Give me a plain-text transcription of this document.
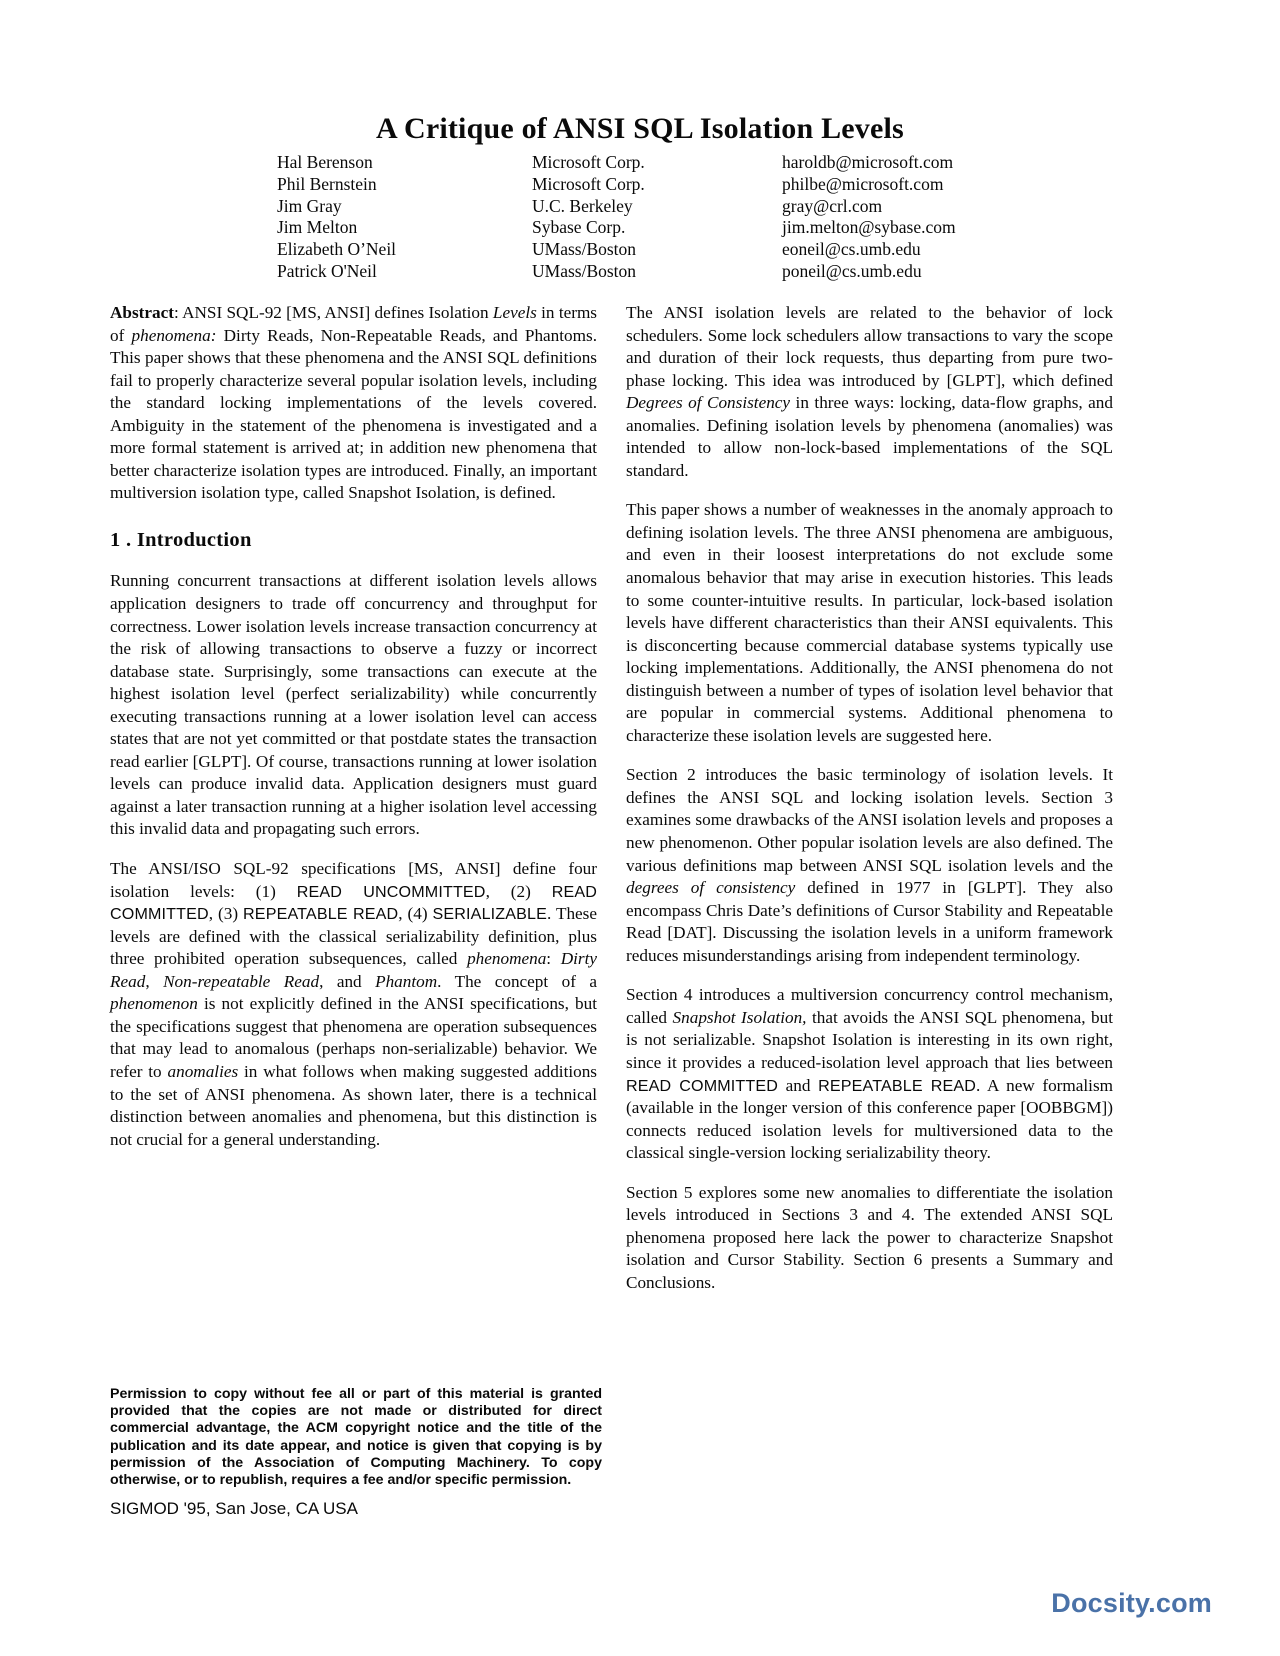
A Critique of ANSI SQL Isolation Levels
Hal Berenson	Microsoft Corp.	haroldb@microsoft.com
Phil Bernstein	Microsoft Corp.	philbe@microsoft.com
Jim Gray	U.C. Berkeley	gray@crl.com
Jim Melton	Sybase Corp.	jim.melton@sybase.com
Elizabeth O’Neil	UMass/Boston	eoneil@cs.umb.edu
Patrick O'Neil	UMass/Boston	poneil@cs.umb.edu

Abstract: ANSI SQL-92 [MS, ANSI] defines Isolation Levels in terms of phenomena: Dirty Reads, Non-Repeatable Reads, and Phantoms. This paper shows that these phenomena and the ANSI SQL definitions fail to properly characterize several popular isolation levels, including the standard locking implementations of the levels covered. Ambiguity in the statement of the phenomena is investigated and a more formal statement is arrived at; in addition new phenomena that better characterize isolation types are introduced. Finally, an important multiversion isolation type, called Snapshot Isolation, is defined.

1 . Introduction

Running concurrent transactions at different isolation levels allows application designers to trade off concurrency and throughput for correctness. Lower isolation levels increase transaction concurrency at the risk of allowing transactions to observe a fuzzy or incorrect database state. Surprisingly, some transactions can execute at the highest isolation level (perfect serializability) while concurrently executing transactions running at a lower isolation level can access states that are not yet committed or that postdate states the transaction read earlier [GLPT]. Of course, transactions running at lower isolation levels can produce invalid data. Application designers must guard against a later transaction running at a higher isolation level accessing this invalid data and propagating such errors.

The ANSI/ISO SQL-92 specifications [MS, ANSI] define four isolation levels: (1) READ UNCOMMITTED, (2) READ COMMITTED, (3) REPEATABLE READ, (4) SERIALIZABLE. These levels are defined with the classical serializability definition, plus three prohibited operation subsequences, called phenomena: Dirty Read, Non-repeatable Read, and Phantom. The concept of a phenomenon is not explicitly defined in the ANSI specifications, but the specifications suggest that phenomena are operation subsequences that may lead to anomalous (perhaps non-serializable) behavior. We refer to anomalies in what follows when making suggested additions to the set of ANSI phenomena. As shown later, there is a technical distinction between anomalies and phenomena, but this distinction is not crucial for a general understanding.

The ANSI isolation levels are related to the behavior of lock schedulers. Some lock schedulers allow transactions to vary the scope and duration of their lock requests, thus departing from pure two-phase locking. This idea was introduced by [GLPT], which defined Degrees of Consistency in three ways: locking, data-flow graphs, and anomalies. Defining isolation levels by phenomena (anomalies) was intended to allow non-lock-based implementations of the SQL standard.

This paper shows a number of weaknesses in the anomaly approach to defining isolation levels. The three ANSI phenomena are ambiguous, and even in their loosest interpretations do not exclude some anomalous behavior that may arise in execution histories. This leads to some counter-intuitive results. In particular, lock-based isolation levels have different characteristics than their ANSI equivalents. This is disconcerting because commercial database systems typically use locking implementations. Additionally, the ANSI phenomena do not distinguish between a number of types of isolation level behavior that are popular in commercial systems. Additional phenomena to characterize these isolation levels are suggested here.

Section 2 introduces the basic terminology of isolation levels. It defines the ANSI SQL and locking isolation levels. Section 3 examines some drawbacks of the ANSI isolation levels and proposes a new phenomenon. Other popular isolation levels are also defined. The various definitions map between ANSI SQL isolation levels and the degrees of consistency defined in 1977 in [GLPT]. They also encompass Chris Date’s definitions of Cursor Stability and Repeatable Read [DAT]. Discussing the isolation levels in a uniform framework reduces misunderstandings arising from independent terminology.

Section 4 introduces a multiversion concurrency control mechanism, called Snapshot Isolation, that avoids the ANSI SQL phenomena, but is not serializable. Snapshot Isolation is interesting in its own right, since it provides a reduced-isolation level approach that lies between READ COMMITTED and REPEATABLE READ. A new formalism (available in the longer version of this conference paper [OOBBGM]) connects reduced isolation levels for multiversioned data to the classical single-version locking serializability theory.

Section 5 explores some new anomalies to differentiate the isolation levels introduced in Sections 3 and 4. The extended ANSI SQL phenomena proposed here lack the power to characterize Snapshot isolation and Cursor Stability. Section 6 presents a Summary and Conclusions.

Permission to copy without fee all or part of this material is granted provided that the copies are not made or distributed for direct commercial advantage, the ACM copyright notice and the title of the publication and its date appear, and notice is given that copying is by permission of the Association of Computing Machinery. To copy otherwise, or to republish, requires a fee and/or specific permission.

SIGMOD '95, San Jose, CA USA

Docsity.com
